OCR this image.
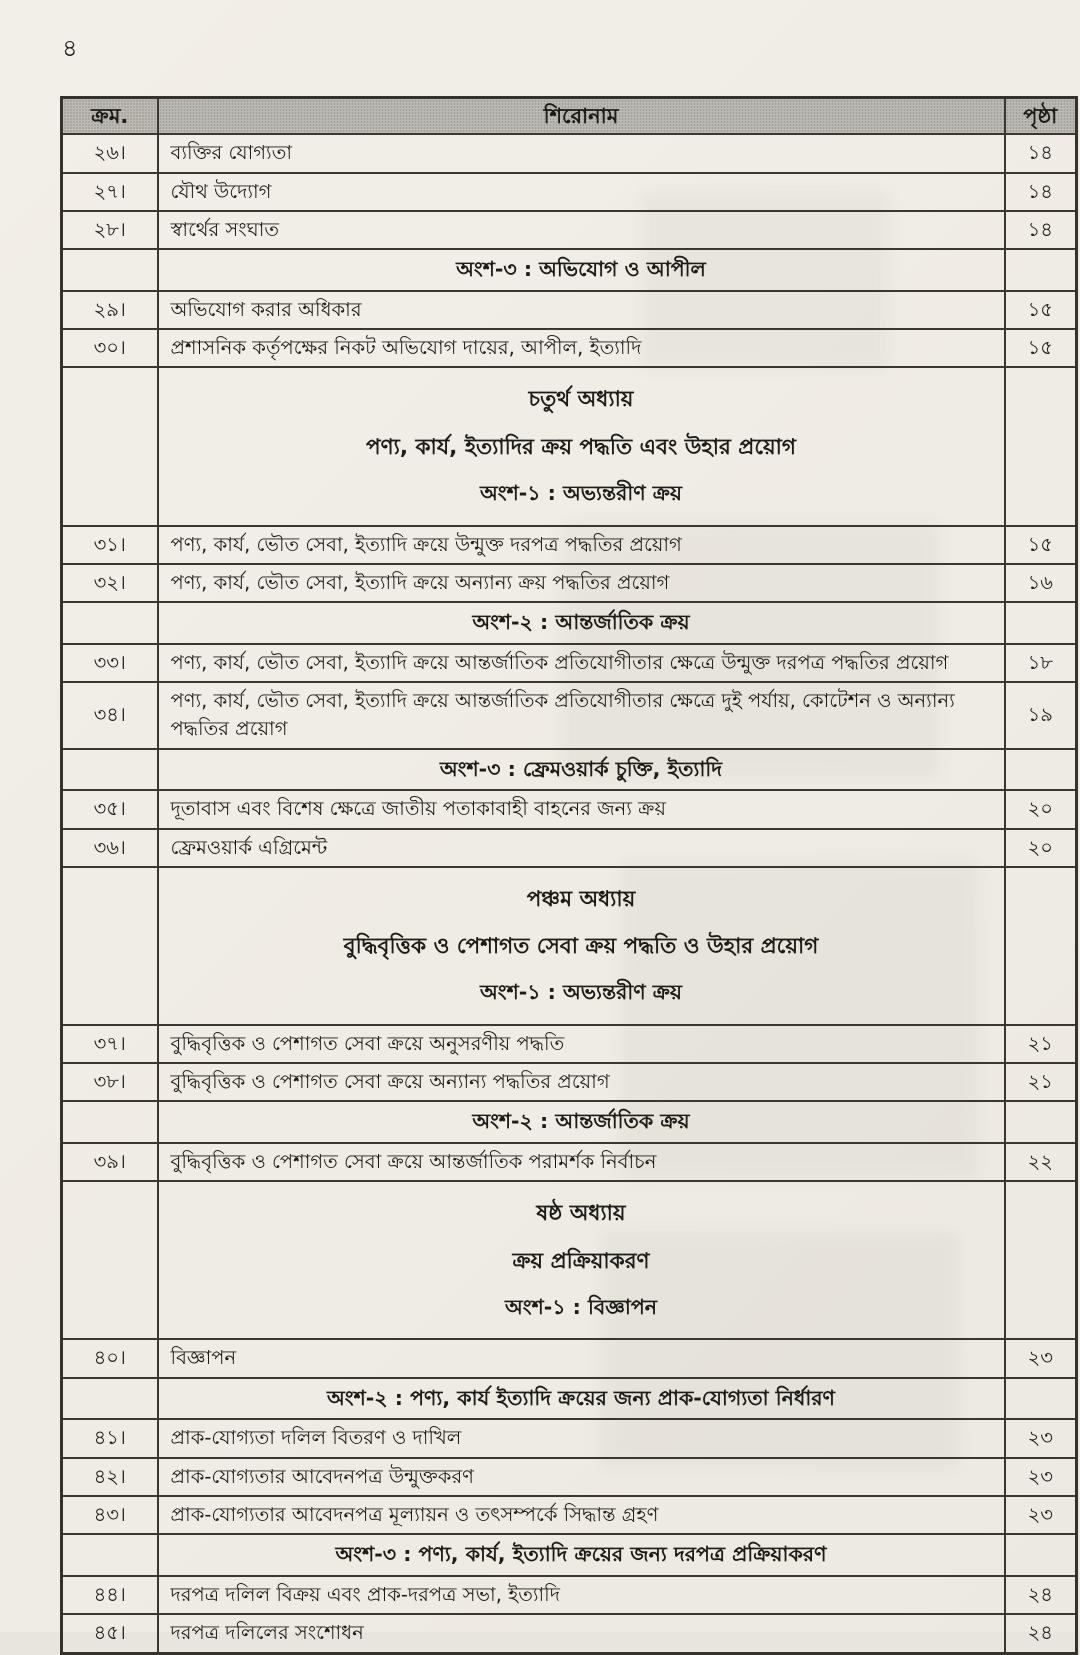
৪
ক্রম.	শিরোনাম	পৃষ্ঠা
২৬।	ব্যক্তির যোগ্যতা	১৪
২৭।	যৌথ উদ্যোগ	১৪
২৮।	স্বার্থের সংঘাত	১৪
	অংশ-৩ : অভিযোগ ও আপীল	
২৯।	অভিযোগ করার অধিকার	১৫
৩০।	প্রশাসনিক কর্তৃপক্ষের নিকট অভিযোগ দায়ের, আপীল, ইত্যাদি	১৫

	চতুর্থ অধ্যায়
পণ্য, কার্য, ইত্যাদির ক্রয় পদ্ধতি এবং উহার প্রয়োগ
অংশ-১ : অভ্যন্তরীণ ক্রয়	

৩১।	পণ্য, কার্য, ভৌত সেবা, ইত্যাদি ক্রয়ে উন্মুক্ত দরপত্র পদ্ধতির প্রয়োগ	১৫
৩২।	পণ্য, কার্য, ভৌত সেবা, ইত্যাদি ক্রয়ে অন্যান্য ক্রয় পদ্ধতির প্রয়োগ	১৬
	অংশ-২ : আন্তর্জাতিক ক্রয়	
৩৩।	পণ্য, কার্য, ভৌত সেবা, ইত্যাদি ক্রয়ে আন্তর্জাতিক প্রতিযোগীতার ক্ষেত্রে উন্মুক্ত দরপত্র পদ্ধতির প্রয়োগ	১৮
৩৪।	পণ্য, কার্য, ভৌত সেবা, ইত্যাদি ক্রয়ে আন্তর্জাতিক প্রতিযোগীতার ক্ষেত্রে দুই পর্যায়, কোটেশন ও অন্যান্য পদ্ধতির প্রয়োগ	১৯
	অংশ-৩ : ফ্রেমওয়ার্ক চুক্তি, ইত্যাদি	
৩৫।	দূতাবাস এবং বিশেষ ক্ষেত্রে জাতীয় পতাকাবাহী বাহনের জন্য ক্রয়	২০
৩৬।	ফ্রেমওয়ার্ক এগ্রিমেন্ট	২০

	পঞ্চম অধ্যায়
বুদ্ধিবৃত্তিক ও পেশাগত সেবা ক্রয় পদ্ধতি ও উহার প্রয়োগ
অংশ-১ : অভ্যন্তরীণ ক্রয়	

৩৭।	বুদ্ধিবৃত্তিক ও পেশাগত সেবা ক্রয়ে অনুসরণীয় পদ্ধতি	২১
৩৮।	বুদ্ধিবৃত্তিক ও পেশাগত সেবা ক্রয়ে অন্যান্য পদ্ধতির প্রয়োগ	২১
	অংশ-২ : আন্তর্জাতিক ক্রয়	
৩৯।	বুদ্ধিবৃত্তিক ও পেশাগত সেবা ক্রয়ে আন্তর্জাতিক পরামর্শক নির্বাচন	২২

	ষষ্ঠ অধ্যায়
ক্রয় প্রক্রিয়াকরণ
অংশ-১ : বিজ্ঞাপন	

৪০।	বিজ্ঞাপন	২৩
	অংশ-২ : পণ্য, কার্য ইত্যাদি ক্রয়ের জন্য প্রাক-যোগ্যতা নির্ধারণ	
৪১।	প্রাক-যোগ্যতা দলিল বিতরণ ও দাখিল	২৩
৪২।	প্রাক-যোগ্যতার আবেদনপত্র উন্মুক্তকরণ	২৩
৪৩।	প্রাক-যোগ্যতার আবেদনপত্র মূল্যায়ন ও তৎসম্পর্কে সিদ্ধান্ত গ্রহণ	২৩
	অংশ-৩ : পণ্য, কার্য, ইত্যাদি ক্রয়ের জন্য দরপত্র প্রক্রিয়াকরণ	
৪৪।	দরপত্র দলিল বিক্রয় এবং প্রাক-দরপত্র সভা, ইত্যাদি	২৪
৪৫।	দরপত্র দলিলের সংশোধন	২৪
